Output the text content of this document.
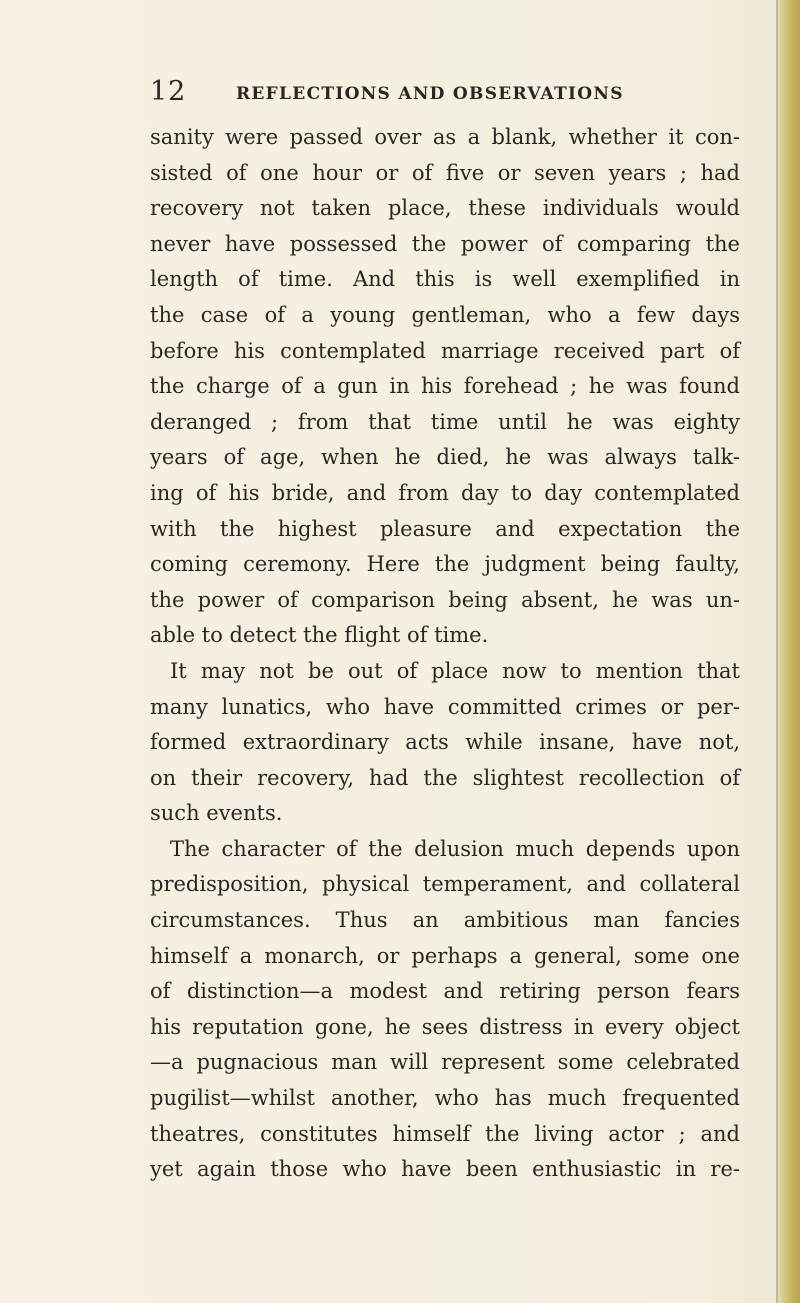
12	REFLECTIONS AND OBSERVATIONS
sanity were passed over as a blank, whether it con-
sisted of one hour or of five or seven years ; had
recovery not taken place, these individuals would
never have possessed the power of comparing the
length of time. And this is well exemplified in
the case of a young gentleman, who a few days
before his contemplated marriage received part of
the charge of a gun in his forehead ; he was found
deranged ; from that time until he was eighty
years of age, when he died, he was always talk-
ing of his bride, and from day to day contemplated
with the highest pleasure and expectation the
coming ceremony. Here the judgment being faulty,
the power of comparison being absent, he was un-
able to detect the flight of time.
It may not be out of place now to mention that
many lunatics, who have committed crimes or per-
formed extraordinary acts while insane, have not,
on their recovery, had the slightest recollection of
such events.
The character of the delusion much depends upon
predisposition, physical temperament, and collateral
circumstances. Thus an ambitious man fancies
himself a monarch, or perhaps a general, some one
of distinction—a modest and retiring person fears
his reputation gone, he sees distress in every object
—a pugnacious man will represent some celebrated
pugilist—whilst another, who has much frequented
theatres, constitutes himself the living actor ; and
yet again those who have been enthusiastic in re-
